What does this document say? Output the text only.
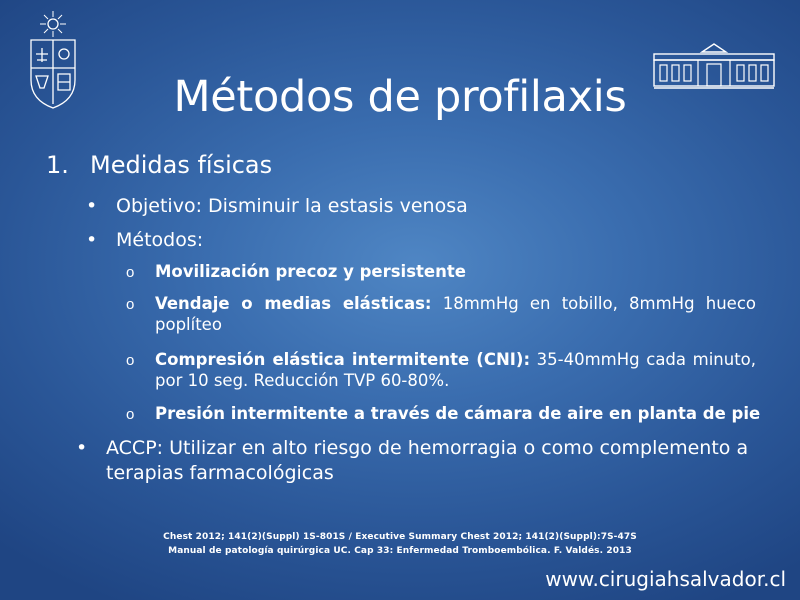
Métodos de profilaxis
1. Medidas físicas
• Objetivo: Disminuir la estasis venosa
• Métodos:
o Movilización precoz y persistente
o Vendaje o medias elásticas: 18mmHg en tobillo, 8mmHg hueco poplíteo
o Compresión elástica intermitente (CNI): 35-40mmHg cada minuto, por 10 seg. Reducción TVP 60-80%.
o Presión intermitente a través de cámara de aire en planta de pie
• ACCP: Utilizar en alto riesgo de hemorragia o como complemento a terapias farmacológicas
Chest 2012; 141(2)(Suppl) 1S-801S / Executive Summary Chest 2012; 141(2)(Suppl):7S-47S
Manual de patología quirúrgica UC. Cap 33: Enfermedad Tromboembólica. F. Valdés. 2013
www.cirugiahsalvador.cl
